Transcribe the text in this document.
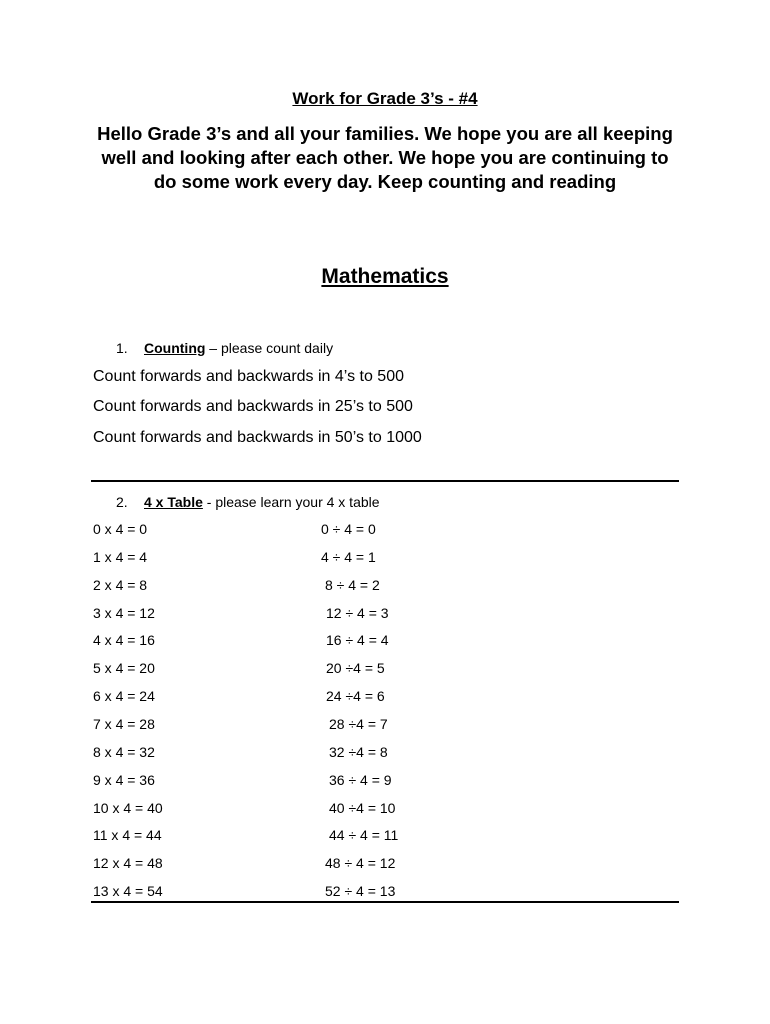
Work for Grade 3’s - #4
Hello Grade 3’s and all your families. We hope you are all keeping well and looking after each other. We hope you are continuing to do some work every day. Keep counting and reading
Mathematics
1. Counting – please count daily
Count forwards and backwards in 4’s to 500
Count forwards and backwards in 25’s to 500
Count forwards and backwards in 50’s to 1000
2. 4 x Table - please learn your 4 x table
0 x 4 = 0	0 ÷ 4 = 0
1 x 4 = 4	4 ÷ 4 = 1
2 x 4 = 8	8 ÷ 4 = 2
3 x 4 = 12	12 ÷ 4 = 3
4 x 4 = 16	16 ÷ 4 = 4
5 x 4 = 20	20 ÷4 = 5
6 x 4 = 24	24 ÷4 = 6
7 x 4 = 28	28 ÷4 = 7
8 x 4 = 32	32 ÷4 = 8
9 x 4 = 36	36 ÷ 4 = 9
10 x 4 = 40	40 ÷4 = 10
11 x 4 = 44	44 ÷ 4 = 11
12 x 4 = 48	48 ÷ 4 = 12
13 x 4 = 54	52 ÷ 4 = 13
